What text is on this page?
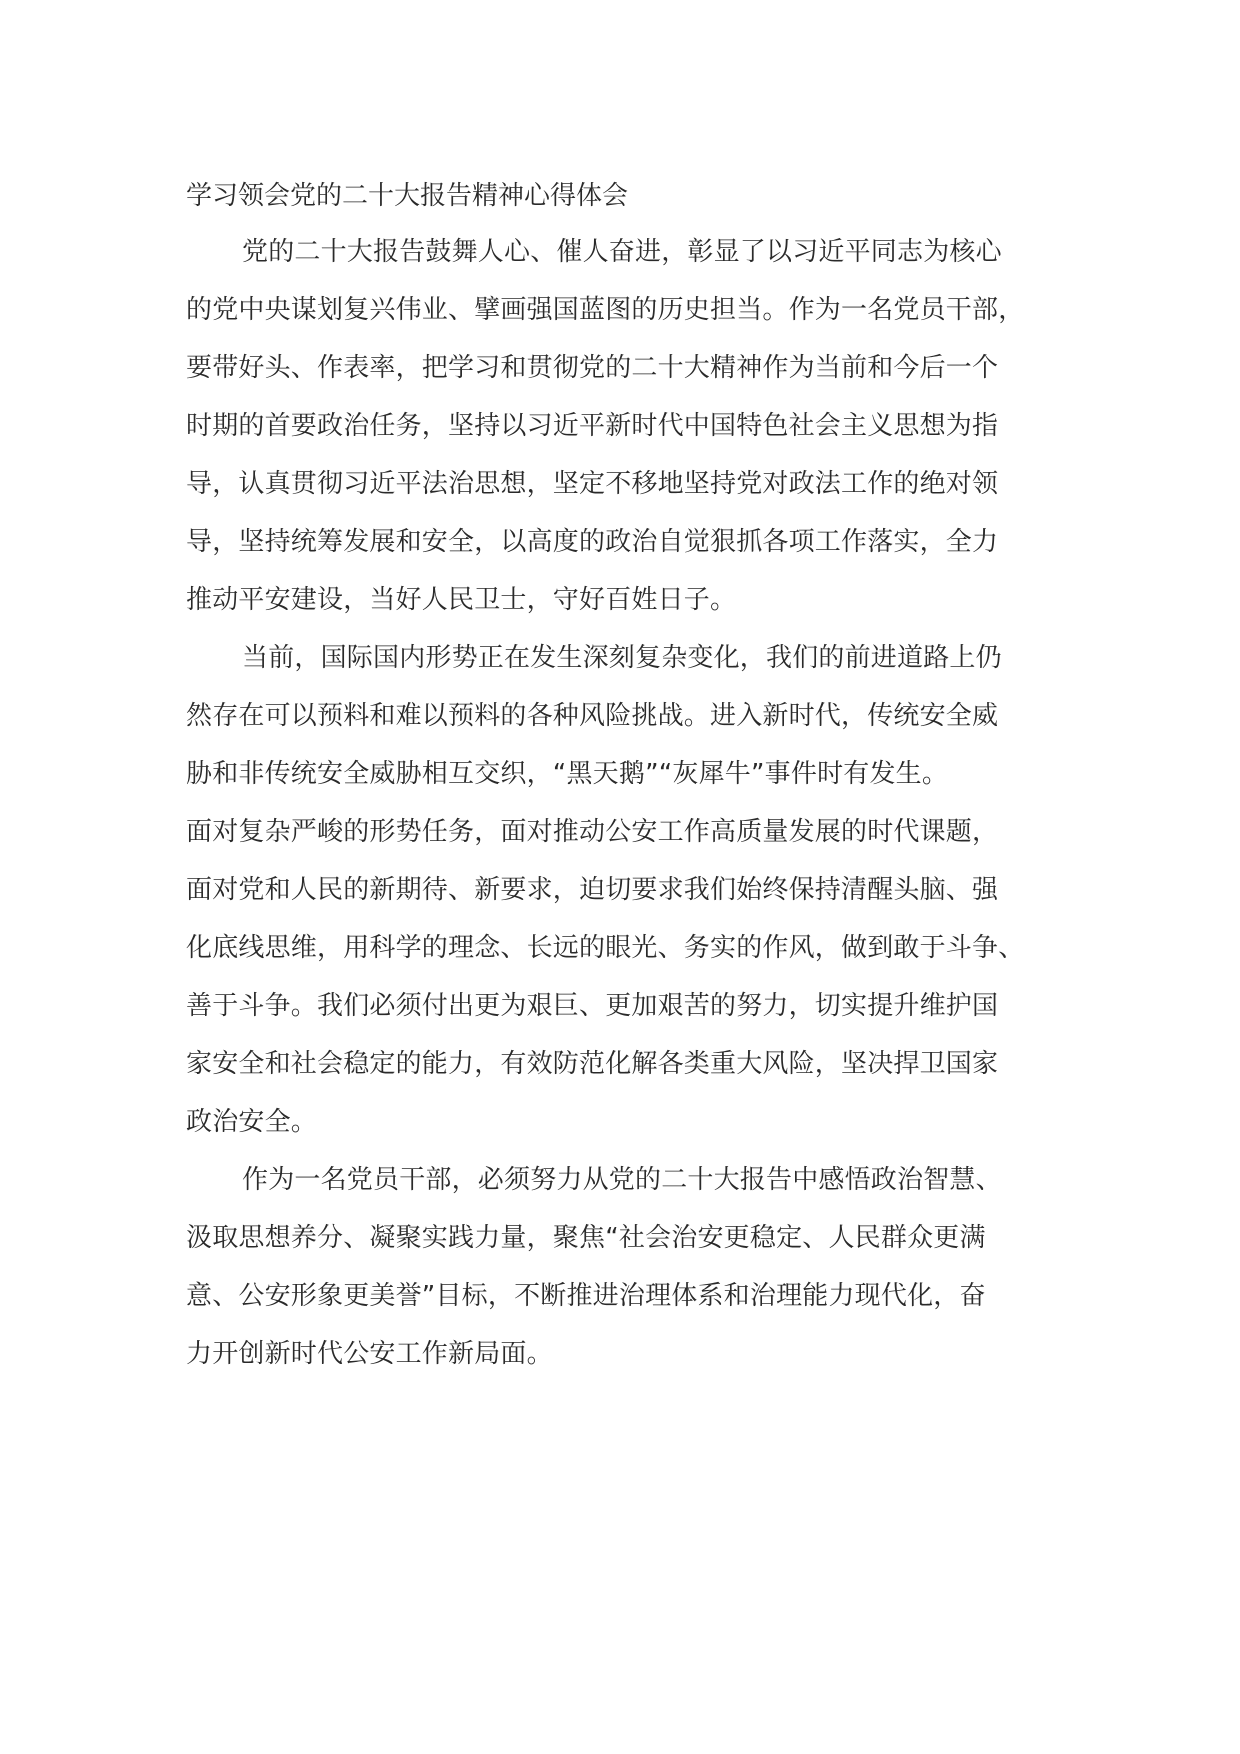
学习领会党的二十大报告精神心得体会

党的二十大报告鼓舞人心、催人奋进，彰显了以习近平同志为核心

的党中央谋划复兴伟业、擘画强国蓝图的历史担当。作为一名党员干部，

要带好头、作表率，把学习和贯彻党的二十大精神作为当前和今后一个

时期的首要政治任务，坚持以习近平新时代中国特色社会主义思想为指

导，认真贯彻习近平法治思想，坚定不移地坚持党对政法工作的绝对领

导，坚持统筹发展和安全，以高度的政治自觉狠抓各项工作落实，全力

推动平安建设，当好人民卫士，守好百姓日子。

当前，国际国内形势正在发生深刻复杂变化，我们的前进道路上仍

然存在可以预料和难以预料的各种风险挑战。进入新时代，传统安全威

胁和非传统安全威胁相互交织，“黑天鹅”“灰犀牛”事件时有发生。

面对复杂严峻的形势任务，面对推动公安工作高质量发展的时代课题，

面对党和人民的新期待、新要求，迫切要求我们始终保持清醒头脑、强

化底线思维，用科学的理念、长远的眼光、务实的作风，做到敢于斗争、

善于斗争。我们必须付出更为艰巨、更加艰苦的努力，切实提升维护国

家安全和社会稳定的能力，有效防范化解各类重大风险，坚决捍卫国家

政治安全。

作为一名党员干部，必须努力从党的二十大报告中感悟政治智慧、

汲取思想养分、凝聚实践力量，聚焦“社会治安更稳定、人民群众更满

意、公安形象更美誉”目标，不断推进治理体系和治理能力现代化，奋

力开创新时代公安工作新局面。
